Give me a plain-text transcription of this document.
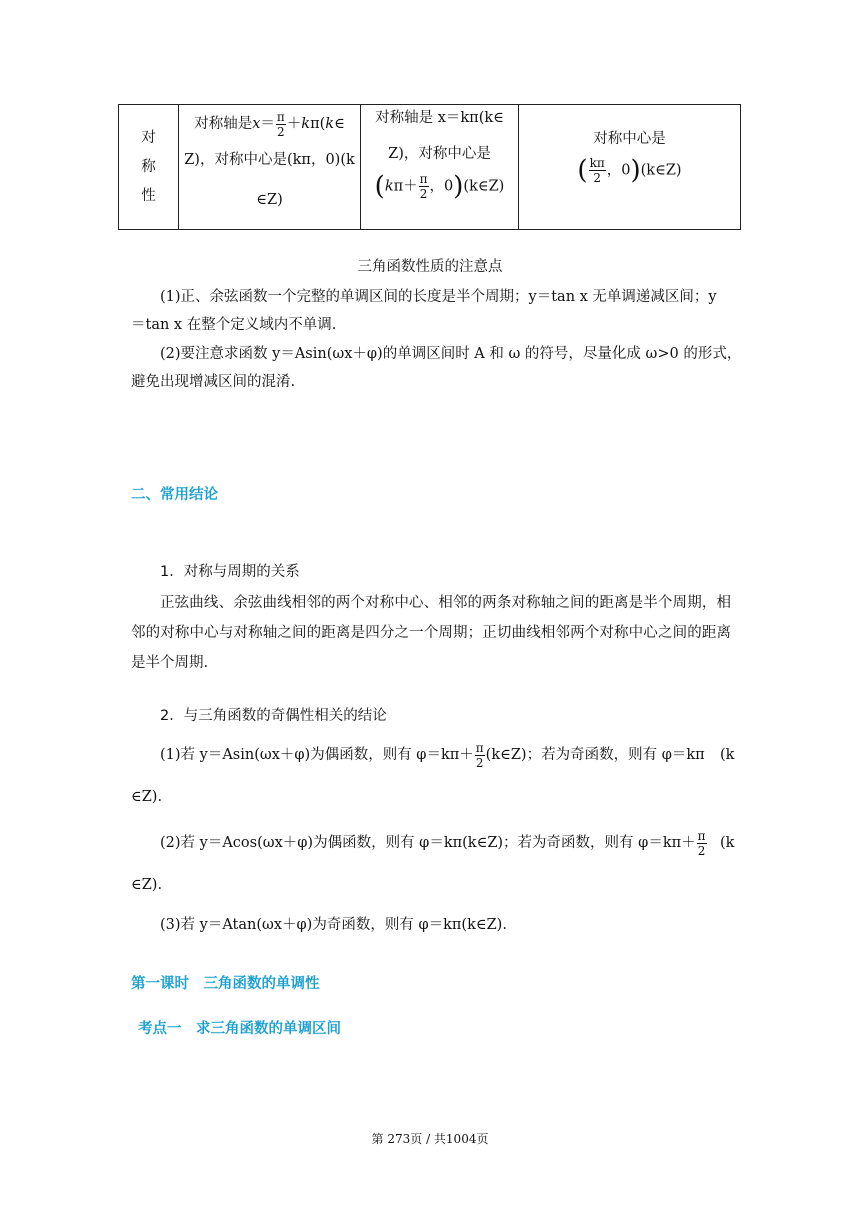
对
称
性
对称轴是$x= \frac{\pi}{2}$ ＋kπ(k∈
Z)，对称中心是(kπ，0)(k
∈Z)
对称轴是 x＝kπ(k∈
Z)，对称中心是
($k\pi+ \frac{\pi}{2}$ ，0)(k∈Z)
对称中心是
( $\frac{k\pi}{2}$ ，0)(k∈Z)
三角函数性质的注意点
(1)正、余弦函数一个完整的单调区间的长度是半个周期；y＝tan x 无单调递减区间；y
＝tan x 在整个定义域内不单调.
(2)要注意求函数 y＝Asin(ωx＋φ)的单调区间时 A 和 ω 的符号，尽量化成 ω>0 的形式，
避免出现增减区间的混淆.
二、常用结论
1．对称与周期的关系
正弦曲线、余弦曲线相邻的两个对称中心、相邻的两条对称轴之间的距离是半个周期，相邻的对称中心与对称轴之间的距离是四分之一个周期；正切曲线相邻两个对称中心之间的距离是半个周期.
2．与三角函数的奇偶性相关的结论
(1)若 y＝Asin(ωx＋φ)为偶函数，则有 $\varphi=k\pi+ \frac{\pi}{2}$ (k∈Z)；若为奇函数，则有 φ＝kπ (k
∈Z).
(2)若 y＝Acos(ωx＋φ)为偶函数，则有 φ＝kπ(k∈Z)；若为奇函数，则有 $\varphi=k\pi+ \frac{\pi}{2} (k$
∈Z).
(3)若 y＝Atan(ωx＋φ)为奇函数，则有 φ＝kπ(k∈Z).
第一课时　三角函数的单调性
考点一　求三角函数的单调区间
第 273页 / 共1004页
